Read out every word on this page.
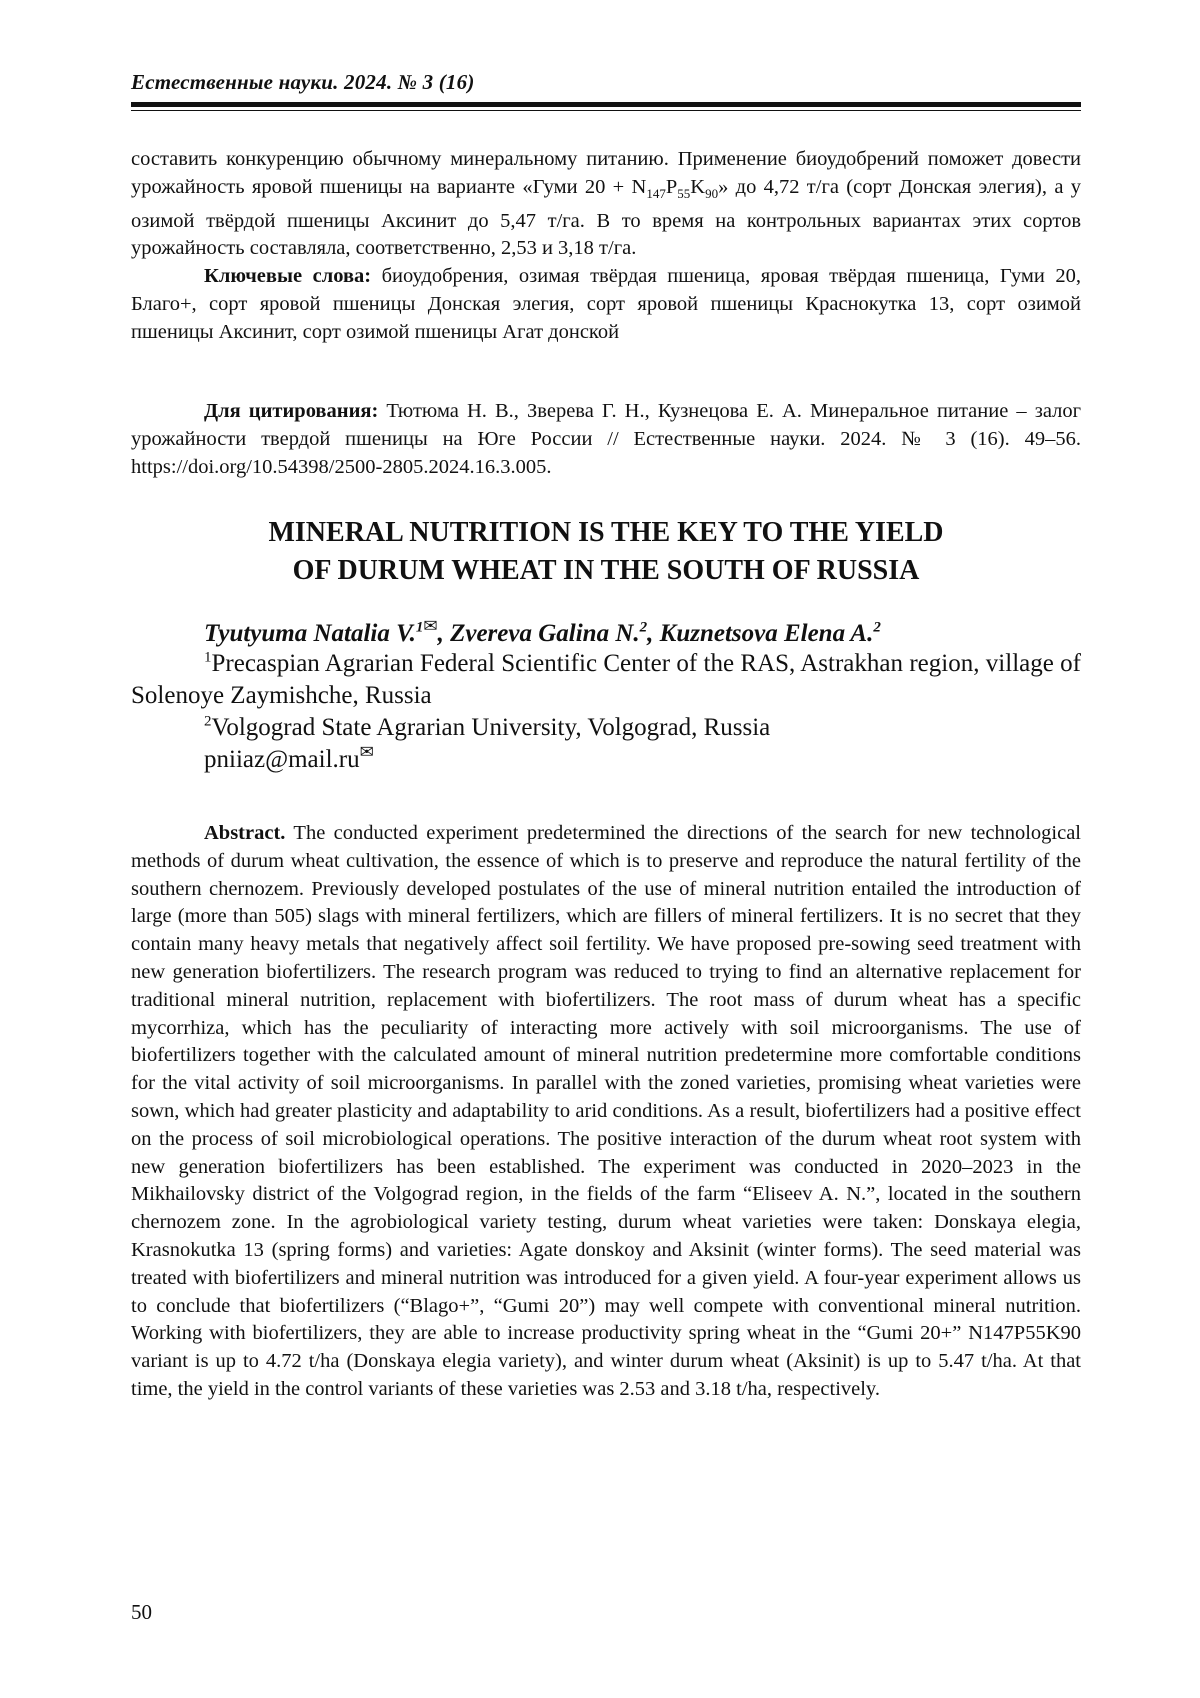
Естественные науки. 2024. № 3 (16)

составить конкуренцию обычному минеральному питанию. Применение биоудобрений поможет довести урожайность яровой пшеницы на варианте «Гуми $20 + N_{147}P_{55}K_{90}$» до 4,72 т/га (сорт Донская элегия), а у озимой твёрдой пшеницы Аксинит до 5,47 т/га. В то время на контрольных вариантах этих сортов урожайность составляла, соответственно, 2,53 и 3,18 т/га.

Ключевые слова: биоудобрения, озимая твёрдая пшеница, яровая твёрдая пшеница, Гуми 20, Благо+, сорт яровой пшеницы Донская элегия, сорт яровой пшеницы Краснокутка 13, сорт озимой пшеницы Аксинит, сорт озимой пшеницы Агат донской

Для цитирования: Тютюма Н. В., Зверева Г. Н., Кузнецова Е. А. Минеральное питание – залог урожайности твердой пшеницы на Юге России // Естественные науки. 2024. № 3 (16). 49–56. https://doi.org/10.54398/2500-2805.2024.16.3.005.

MINERAL NUTRITION IS THE KEY TO THE YIELD
OF DURUM WHEAT IN THE SOUTH OF RUSSIA
Tyutyuma Natalia V.$^{1✉}$, Zvereva Galina N.$^2$, Kuznetsova Elena A.$^2$

$^1$Precaspian Agrarian Federal Scientific Center of the RAS, Astrakhan region, village of Solenoye Zaymishche, Russia

$^2$Volgograd State Agrarian University, Volgograd, Russia

pniiaz@mail.ru✉

Abstract. The conducted experiment predetermined the directions of the search for new technological methods of durum wheat cultivation, the essence of which is to preserve and reproduce the natural fertility of the southern chernozem. Previously developed postulates of the use of mineral nutrition entailed the introduction of large (more than 505) slags with mineral fertilizers, which are fillers of mineral fertilizers. It is no secret that they contain many heavy metals that negatively affect soil fertility. We have proposed pre-sowing seed treatment with new generation biofertilizers. The research program was reduced to trying to find an alternative replacement for traditional mineral nutrition, replacement with biofertilizers. The root mass of durum wheat has a specific mycorrhiza, which has the peculiarity of interacting more actively with soil microorganisms. The use of biofertilizers together with the calculated amount of mineral nutrition predetermine more comfortable conditions for the vital activity of soil microorganisms. In parallel with the zoned varieties, promising wheat varieties were sown, which had greater plasticity and adaptability to arid conditions. As a result, biofertilizers had a positive effect on the process of soil microbiological operations. The positive interaction of the durum wheat root system with new generation biofertilizers has been established. The experiment was conducted in 2020–2023 in the Mikhailovsky district of the Volgograd region, in the fields of the farm “Eliseev A. N.”, located in the southern chernozem zone. In the agrobiological variety testing, durum wheat varieties were taken: Donskaya elegia, Krasnokutka 13 (spring forms) and varieties: Agate donskoy and Aksinit (winter forms). The seed material was treated with biofertilizers and mineral nutrition was introduced for a given yield. A four-year experiment allows us to conclude that biofertilizers (“Blago+”, “Gumi 20”) may well compete with conventional mineral nutrition. Working with biofertilizers, they are able to increase productivity spring wheat in the “Gumi 20+” N147P55K90 variant is up to 4.72 t/ha (Donskaya elegia variety), and winter durum wheat (Aksinit) is up to 5.47 t/ha. At that time, the yield in the control variants of these varieties was 2.53 and 3.18 t/ha, respectively.

50
